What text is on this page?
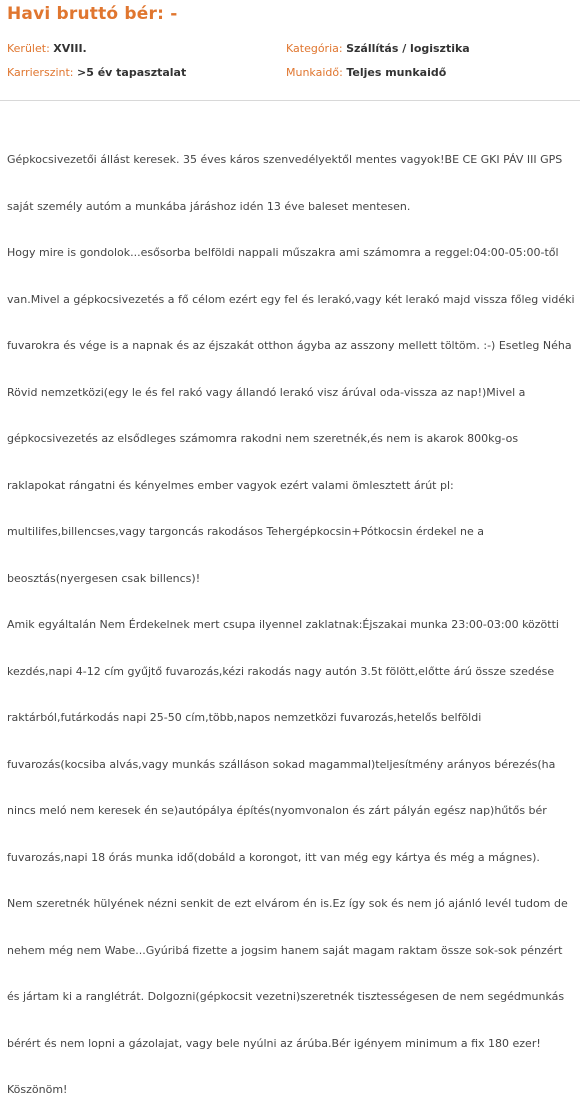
Havi bruttó bér: -
Kerület: XVIII.	Kategória: Szállítás / logisztika
Karrierszint: >5 év tapasztalat	Munkaidő: Teljes munkaidő

Gépkocsivezetői állást keresek. 35 éves káros szenvedélyektől mentes vagyok!BE CE GKI PÁV III GPS

saját személy autóm a munkába járáshoz idén 13 éve baleset mentesen.

Hogy mire is gondolok...esősorba belföldi nappali műszakra ami számomra a reggel:04:00-05:00-től

van.Mivel a gépkocsivezetés a fő célom ezért egy fel és lerakó,vagy két lerakó majd vissza főleg vidéki

fuvarokra és vége is a napnak és az éjszakát otthon ágyba az asszony mellett töltöm. :-) Esetleg Néha

Rövid nemzetközi(egy le és fel rakó vagy állandó lerakó visz árúval oda-vissza az nap!)Mivel a

gépkocsivezetés az elsődleges számomra rakodni nem szeretnék,és nem is akarok 800kg-os

raklapokat rángatni és kényelmes ember vagyok ezért valami ömlesztett árút pl:

multilifes,billencses,vagy targoncás rakodásos Tehergépkocsin+Pótkocsin érdekel ne a

beosztás(nyergesen csak billencs)!

Amik egyáltalán Nem Érdekelnek mert csupa ilyennel zaklatnak:Éjszakai munka 23:00-03:00 közötti

kezdés,napi 4-12 cím gyűjtő fuvarozás,kézi rakodás nagy autón 3.5t fölött,előtte árú össze szedése

raktárból,futárkodás napi 25-50 cím,több,napos nemzetközi fuvarozás,hetelős belföldi

fuvarozás(kocsiba alvás,vagy munkás szálláson sokad magammal)teljesítmény arányos bérezés(ha

nincs meló nem keresek én se)autópálya építés(nyomvonalon és zárt pályán egész nap)hűtős bér

fuvarozás,napi 18 órás munka idő(dobáld a korongot, itt van még egy kártya és még a mágnes).

Nem szeretnék hülyének nézni senkit de ezt elvárom én is.Ez így sok és nem jó ajánló levél tudom de

nehem még nem Wabe...Gyúribá fizette a jogsim hanem saját magam raktam össze sok-sok pénzért

és jártam ki a ranglétrát. Dolgozni(gépkocsit vezetni)szeretnék tisztességesen de nem segédmunkás

bérért és nem lopni a gázolajat, vagy bele nyúlni az árúba.Bér igényem minimum a fix 180 ezer!

Köszönöm!
